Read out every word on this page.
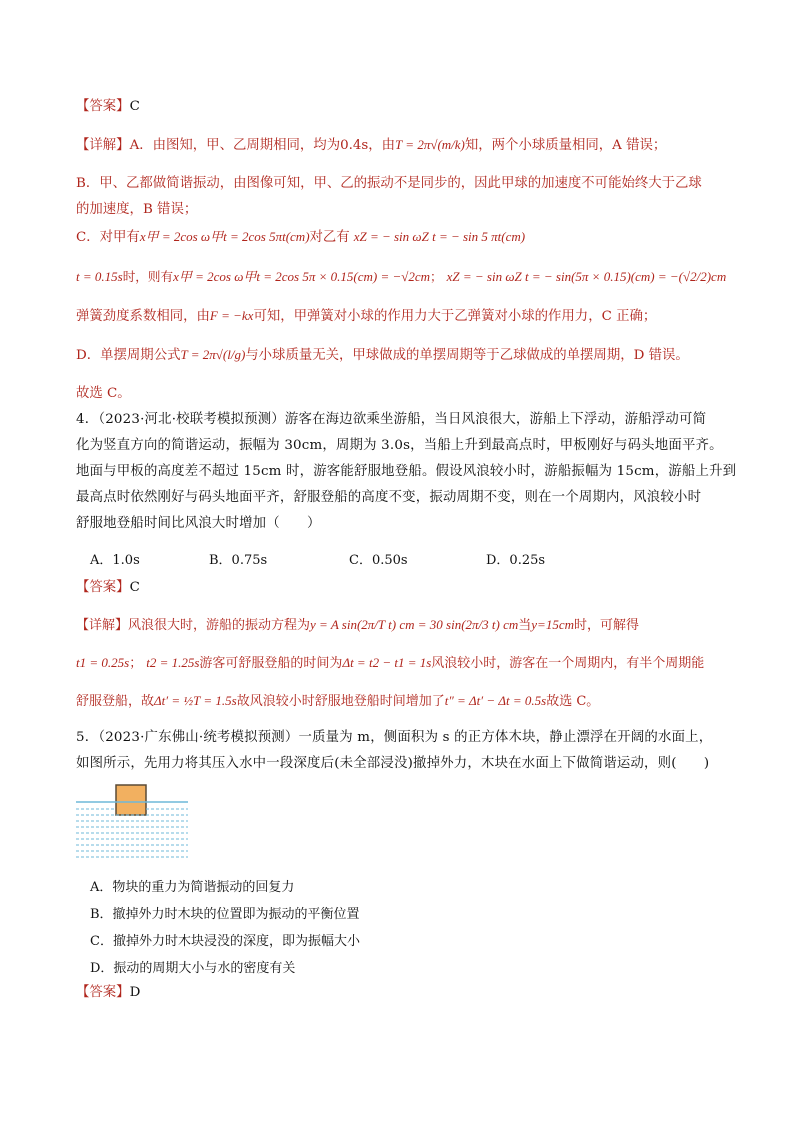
【答案】C
【详解】A．由图知，甲、乙周期相同，均为0.4s，由T = 2π√(m/k)知，两个小球质量相同，A 错误；
B．甲、乙都做简谐振动，由图像可知，甲、乙的振动不是同步的，因此甲球的加速度不可能始终大于乙球
的加速度，B 错误；
C．对甲有x甲 = 2cos ω甲t = 2cos 5πt(cm)对乙有 xZ = − sin ωZ t = − sin 5 πt(cm)
t = 0.15s时，则有x甲 = 2cos ω甲t = 2cos 5π × 0.15(cm) = −√2cm； xZ = − sin ωZ t = − sin(5π × 0.15)(cm) = −(√2/2)cm
弹簧劲度系数相同，由F = −kx可知，甲弹簧对小球的作用力大于乙弹簧对小球的作用力，C 正确；
D．单摆周期公式T = 2π√(l/g)与小球质量无关，甲球做成的单摆周期等于乙球做成的单摆周期，D 错误。
故选 C。
4．（2023·河北·校联考模拟预测）游客在海边欲乘坐游船，当日风浪很大，游船上下浮动，游船浮动可简
化为竖直方向的简谐运动，振幅为 30cm，周期为 3.0s，当船上升到最高点时，甲板刚好与码头地面平齐。
地面与甲板的高度差不超过 15cm 时，游客能舒服地登船。假设风浪较小时，游船振幅为 15cm，游船上升到
最高点时依然刚好与码头地面平齐，舒服登船的高度不变，振动周期不变，则在一个周期内，风浪较小时
舒服地登船时间比风浪大时增加（　　）
A．1.0s	B．0.75s	C．0.50s	D．0.25s
【答案】C
【详解】风浪很大时，游船的振动方程为y = A sin(2π/T t) cm = 30 sin(2π/3 t) cm当y=15cm时，可解得
t1 = 0.25s； t2 = 1.25s游客可舒服登船的时间为Δt = t2 − t1 = 1s风浪较小时，游客在一个周期内，有半个周期能
舒服登船，故Δt′ = ½T = 1.5s故风浪较小时舒服地登船时间增加了t″ = Δt′ − Δt = 0.5s故选 C。
5．（2023·广东佛山·统考模拟预测）一质量为 m，侧面积为 s 的正方体木块，静止漂浮在开阔的水面上，
如图所示，先用力将其压入水中一段深度后(未全部浸没)撤掉外力，木块在水面上下做简谐运动，则(　　)
A．物块的重力为简谐振动的回复力
B．撤掉外力时木块的位置即为振动的平衡位置
C．撤掉外力时木块浸没的深度，即为振幅大小
D．振动的周期大小与水的密度有关
【答案】D
